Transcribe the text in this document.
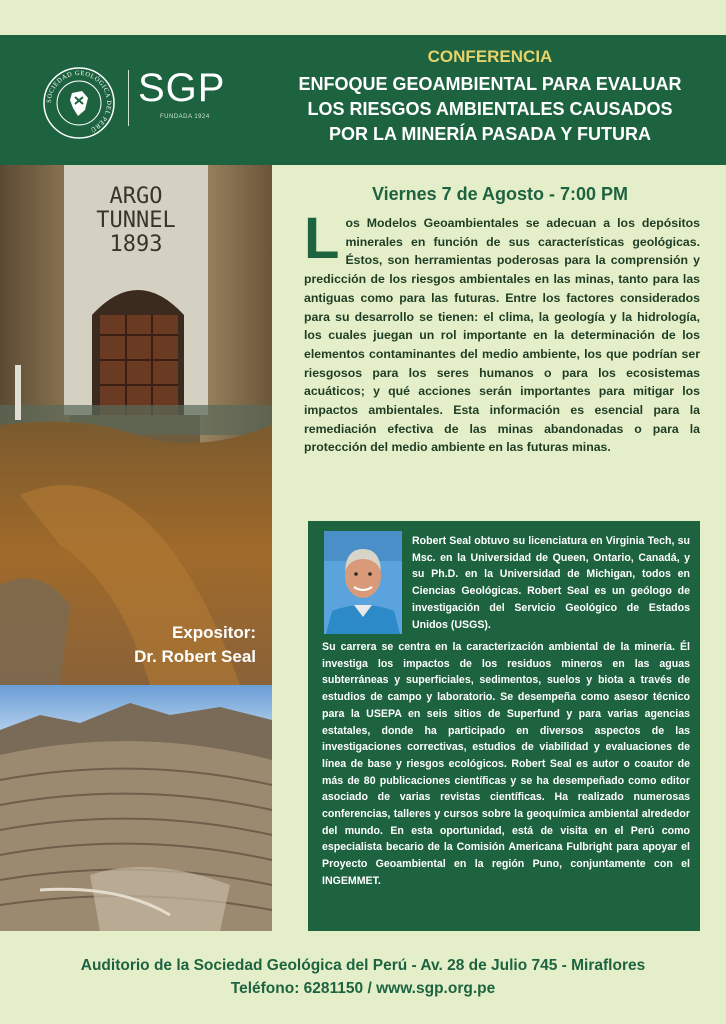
SOCIEDAD GEOLÓGICA DEL PERÚ
SGP
FUNDADA 1924
CONFERENCIA
ENFOQUE GEOAMBIENTAL PARA EVALUAR
LOS RIESGOS AMBIENTALES CAUSADOS
POR LA MINERÍA PASADA Y FUTURA
ARGO
TUNNEL
1893
Expositor:
Dr. Robert Seal
Viernes 7 de Agosto - 7:00 PM
L os Modelos Geoambientales se adecuan a los depósitos minerales en función de sus características geológicas. Éstos, son herramientas poderosas para la comprensión y predicción de los riesgos ambientales en las minas, tanto para las antiguas como para las futuras. Entre los factores considerados para su desarrollo se tienen: el clima, la geología y la hidrología, los cuales juegan un rol importante en la determinación de los elementos contaminantes del medio ambiente, los que podrían ser riesgosos para los seres humanos o para los ecosistemas acuáticos; y qué acciones serán importantes para mitigar los impactos ambientales. Esta información es esencial para la remediación efectiva de las minas abandonadas o para la protección del medio ambiente en las futuras minas.
Robert Seal obtuvo su licenciatura en Virginia Tech, su Msc. en la Universidad de Queen, Ontario, Canadá, y su Ph.D. en la Universidad de Michigan, todos en Ciencias Geológicas. Robert Seal es un geólogo de investigación del Servicio Geológico de Estados Unidos (USGS).
Su carrera se centra en la caracterización ambiental de la minería. Él investiga los impactos de los residuos mineros en las aguas subterráneas y superficiales, sedimentos, suelos y biota a través de estudios de campo y laboratorio. Se desempeña como asesor técnico para la USEPA en seis sitios de Superfund y para varias agencias estatales, donde ha participado en diversos aspectos de las investigaciones correctivas, estudios de viabilidad y evaluaciones de línea de base y riesgos ecológicos. Robert Seal es autor o coautor de más de 80 publicaciones científicas y se ha desempeñado como editor asociado de varias revistas científicas. Ha realizado numerosas conferencias, talleres y cursos sobre la geoquímica ambiental alrededor del mundo. En esta oportunidad, está de visita en el Perú como especialista becario de la Comisión Americana Fulbright para apoyar el Proyecto Geoambiental en la región Puno, conjuntamente con el INGEMMET.
Auditorio de la Sociedad Geológica del Perú - Av. 28 de Julio 745 - Miraflores
Teléfono: 6281150 / www.sgp.org.pe
